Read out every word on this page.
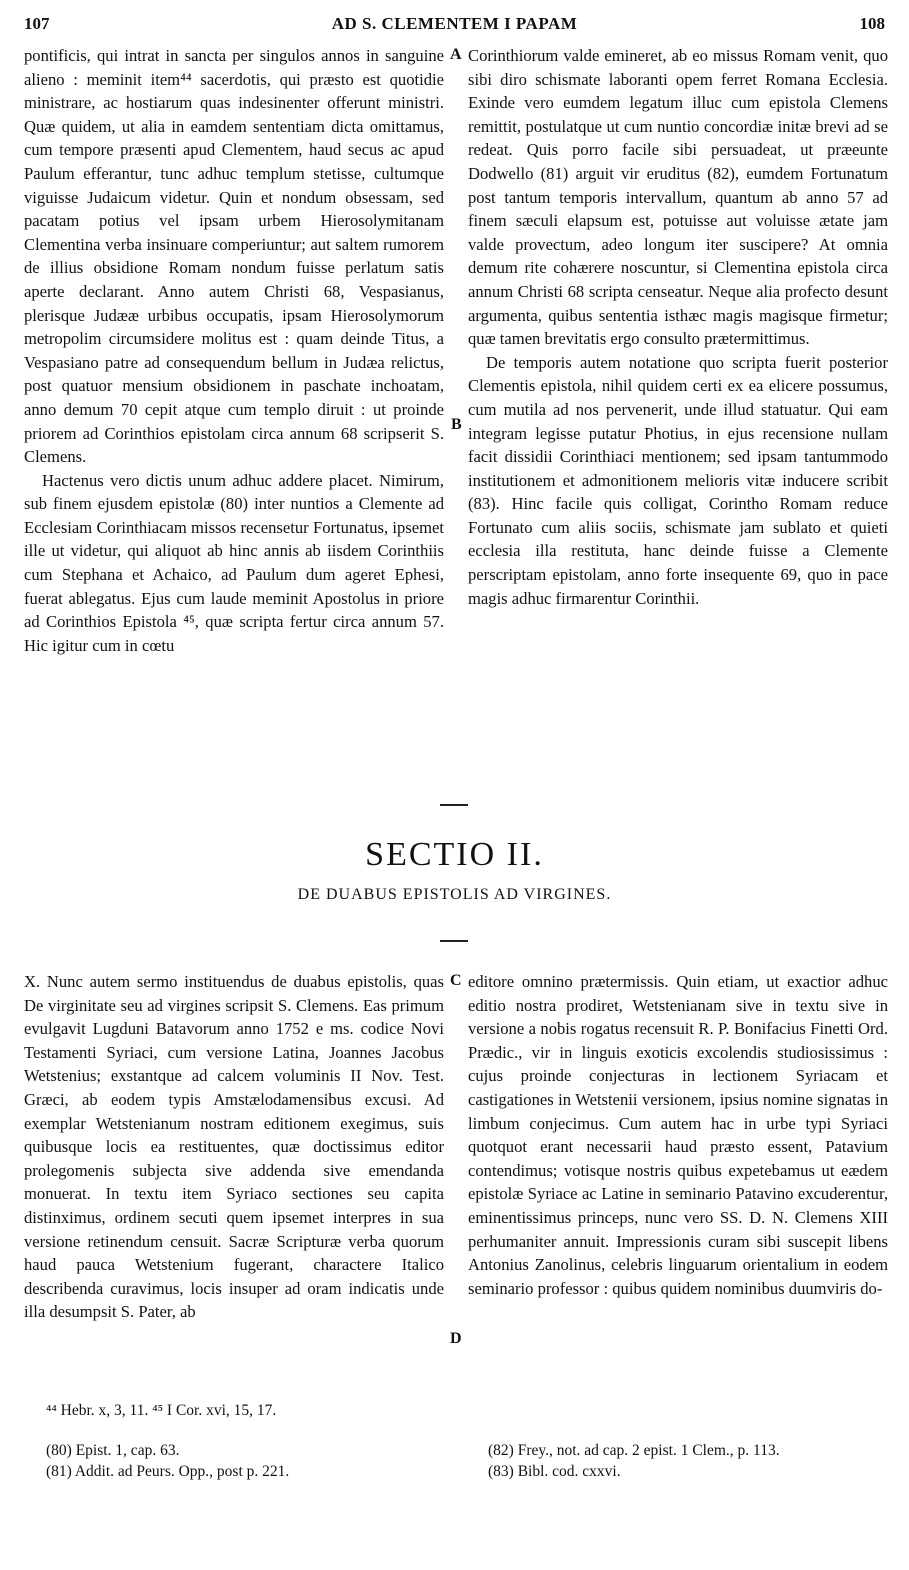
107	AD S. CLEMENTEM I PAPAM	108

pontificis, qui intrat in sancta per singulos annos in sanguine alieno : meminit item⁴⁴ sacerdotis, qui præsto est quotidie ministrare, ac hostiarum quas indesinenter offerunt ministri. Quæ quidem, ut alia in eamdem sententiam dicta omittamus, cum tempore præsenti apud Clementem, haud secus ac apud Paulum efferantur, tunc adhuc templum stetisse, cultumque viguisse Judaicum videtur. Quin et nondum obsessam, sed pacatam potius vel ipsam urbem Hierosolymitanam Clementina verba insinuare comperiuntur; aut saltem rumorem de illius obsidione Romam nondum fuisse perlatum satis aperte declarant. Anno autem Christi 68, Vespasianus, plerisque Judææ urbibus occupatis, ipsam Hierosolymorum metropolim circumsidere molitus est : quam deinde Titus, a Vespasiano patre ad consequendum bellum in Judæa relictus, post quatuor mensium obsidionem in paschate inchoatam, anno demum 70 cepit atque cum templo diruit : ut proinde priorem ad Corinthios epistolam circa annum 68 scripserit S. Clemens.

Hactenus vero dictis unum adhuc addere placet. Nimirum, sub finem ejusdem epistolæ (80) inter nuntios a Clemente ad Ecclesiam Corinthiacam missos recensetur Fortunatus, ipsemet ille ut videtur, qui aliquot ab hinc annis ab iisdem Corinthiis cum Stephana et Achaico, ad Paulum dum ageret Ephesi, fuerat ablegatus. Ejus cum laude meminit Apostolus in priore ad Corinthios Epistola ⁴⁵, quæ scripta fertur circa annum 57. Hic igitur cum in cœtu

Corinthiorum valde emineret, ab eo missus Romam venit, quo sibi diro schismate laboranti opem ferret Romana Ecclesia. Exinde vero eumdem legatum illuc cum epistola Clemens remittit, postulatque ut cum nuntio concordiæ initæ brevi ad se redeat. Quis porro facile sibi persuadeat, ut præeunte Dodwello (81) arguit vir eruditus (82), eumdem Fortunatum post tantum temporis intervallum, quantum ab anno 57 ad finem sæculi elapsum est, potuisse aut voluisse ætate jam valde provectum, adeo longum iter suscipere? At omnia demum rite cohærere noscuntur, si Clementina epistola circa annum Christi 68 scripta censeatur. Neque alia profecto desunt argumenta, quibus sententia isthæc magis magisque firmetur; quæ tamen brevitatis ergo consulto prætermittimus.

De temporis autem notatione quo scripta fuerit posterior Clementis epistola, nihil quidem certi ex ea elicere possumus, cum mutila ad nos pervenerit, unde illud statuatur. Qui eam integram legisse putatur Photius, in ejus recensione nullam facit dissidii Corinthiaci mentionem; sed ipsam tantummodo institutionem et admonitionem melioris vitæ inducere scribit (83). Hinc facile quis colligat, Corintho Romam reduce Fortunato cum aliis sociis, schismate jam sublato et quieti ecclesia illa restituta, hanc deinde fuisse a Clemente perscriptam epistolam, anno forte insequente 69, quo in pace magis adhuc firmarentur Corinthii.

A
B
C
D
SECTIO II.
DE DUABUS EPISTOLIS AD VIRGINES.

X. Nunc autem sermo instituendus de duabus epistolis, quas De virginitate seu ad virgines scripsit S. Clemens. Eas primum evulgavit Lugduni Batavorum anno 1752 e ms. codice Novi Testamenti Syriaci, cum versione Latina, Joannes Jacobus Wetstenius; exstantque ad calcem voluminis II Nov. Test. Græci, ab eodem typis Amstælodamensibus excusi. Ad exemplar Wetstenianum nostram editionem exegimus, suis quibusque locis ea restituentes, quæ doctissimus editor prolegomenis subjecta sive addenda sive emendanda monuerat. In textu item Syriaco sectiones seu capita distinximus, ordinem secuti quem ipsemet interpres in sua versione retinendum censuit. Sacræ Scripturæ verba quorum haud pauca Wetstenium fugerant, charactere Italico describenda curavimus, locis insuper ad oram indicatis unde illa desumpsit S. Pater, ab

editore omnino prætermissis. Quin etiam, ut exactior adhuc editio nostra prodiret, Wetstenianam sive in textu sive in versione a nobis rogatus recensuit R. P. Bonifacius Finetti Ord. Prædic., vir in linguis exoticis excolendis studiosissimus : cujus proinde conjecturas in lectionem Syriacam et castigationes in Wetstenii versionem, ipsius nomine signatas in limbum conjecimus. Cum autem hac in urbe typi Syriaci quotquot erant necessarii haud præsto essent, Patavium contendimus; votisque nostris quibus expetebamus ut eædem epistolæ Syriace ac Latine in seminario Patavino excuderentur, eminentissimus princeps, nunc vero SS. D. N. Clemens XIII perhumaniter annuit. Impressionis curam sibi suscepit libens Antonius Zanolinus, celebris linguarum orientalium in eodem seminario professor : quibus quidem nominibus duumviris do-

⁴⁴ Hebr. x, 3, 11. ⁴⁵ I Cor. xvi, 15, 17.
(80) Epist. 1, cap. 63.
(81) Addit. ad Peurs. Opp., post p. 221.
(82) Frey., not. ad cap. 2 epist. 1 Clem., p. 113.
(83) Bibl. cod. cxxvi.
